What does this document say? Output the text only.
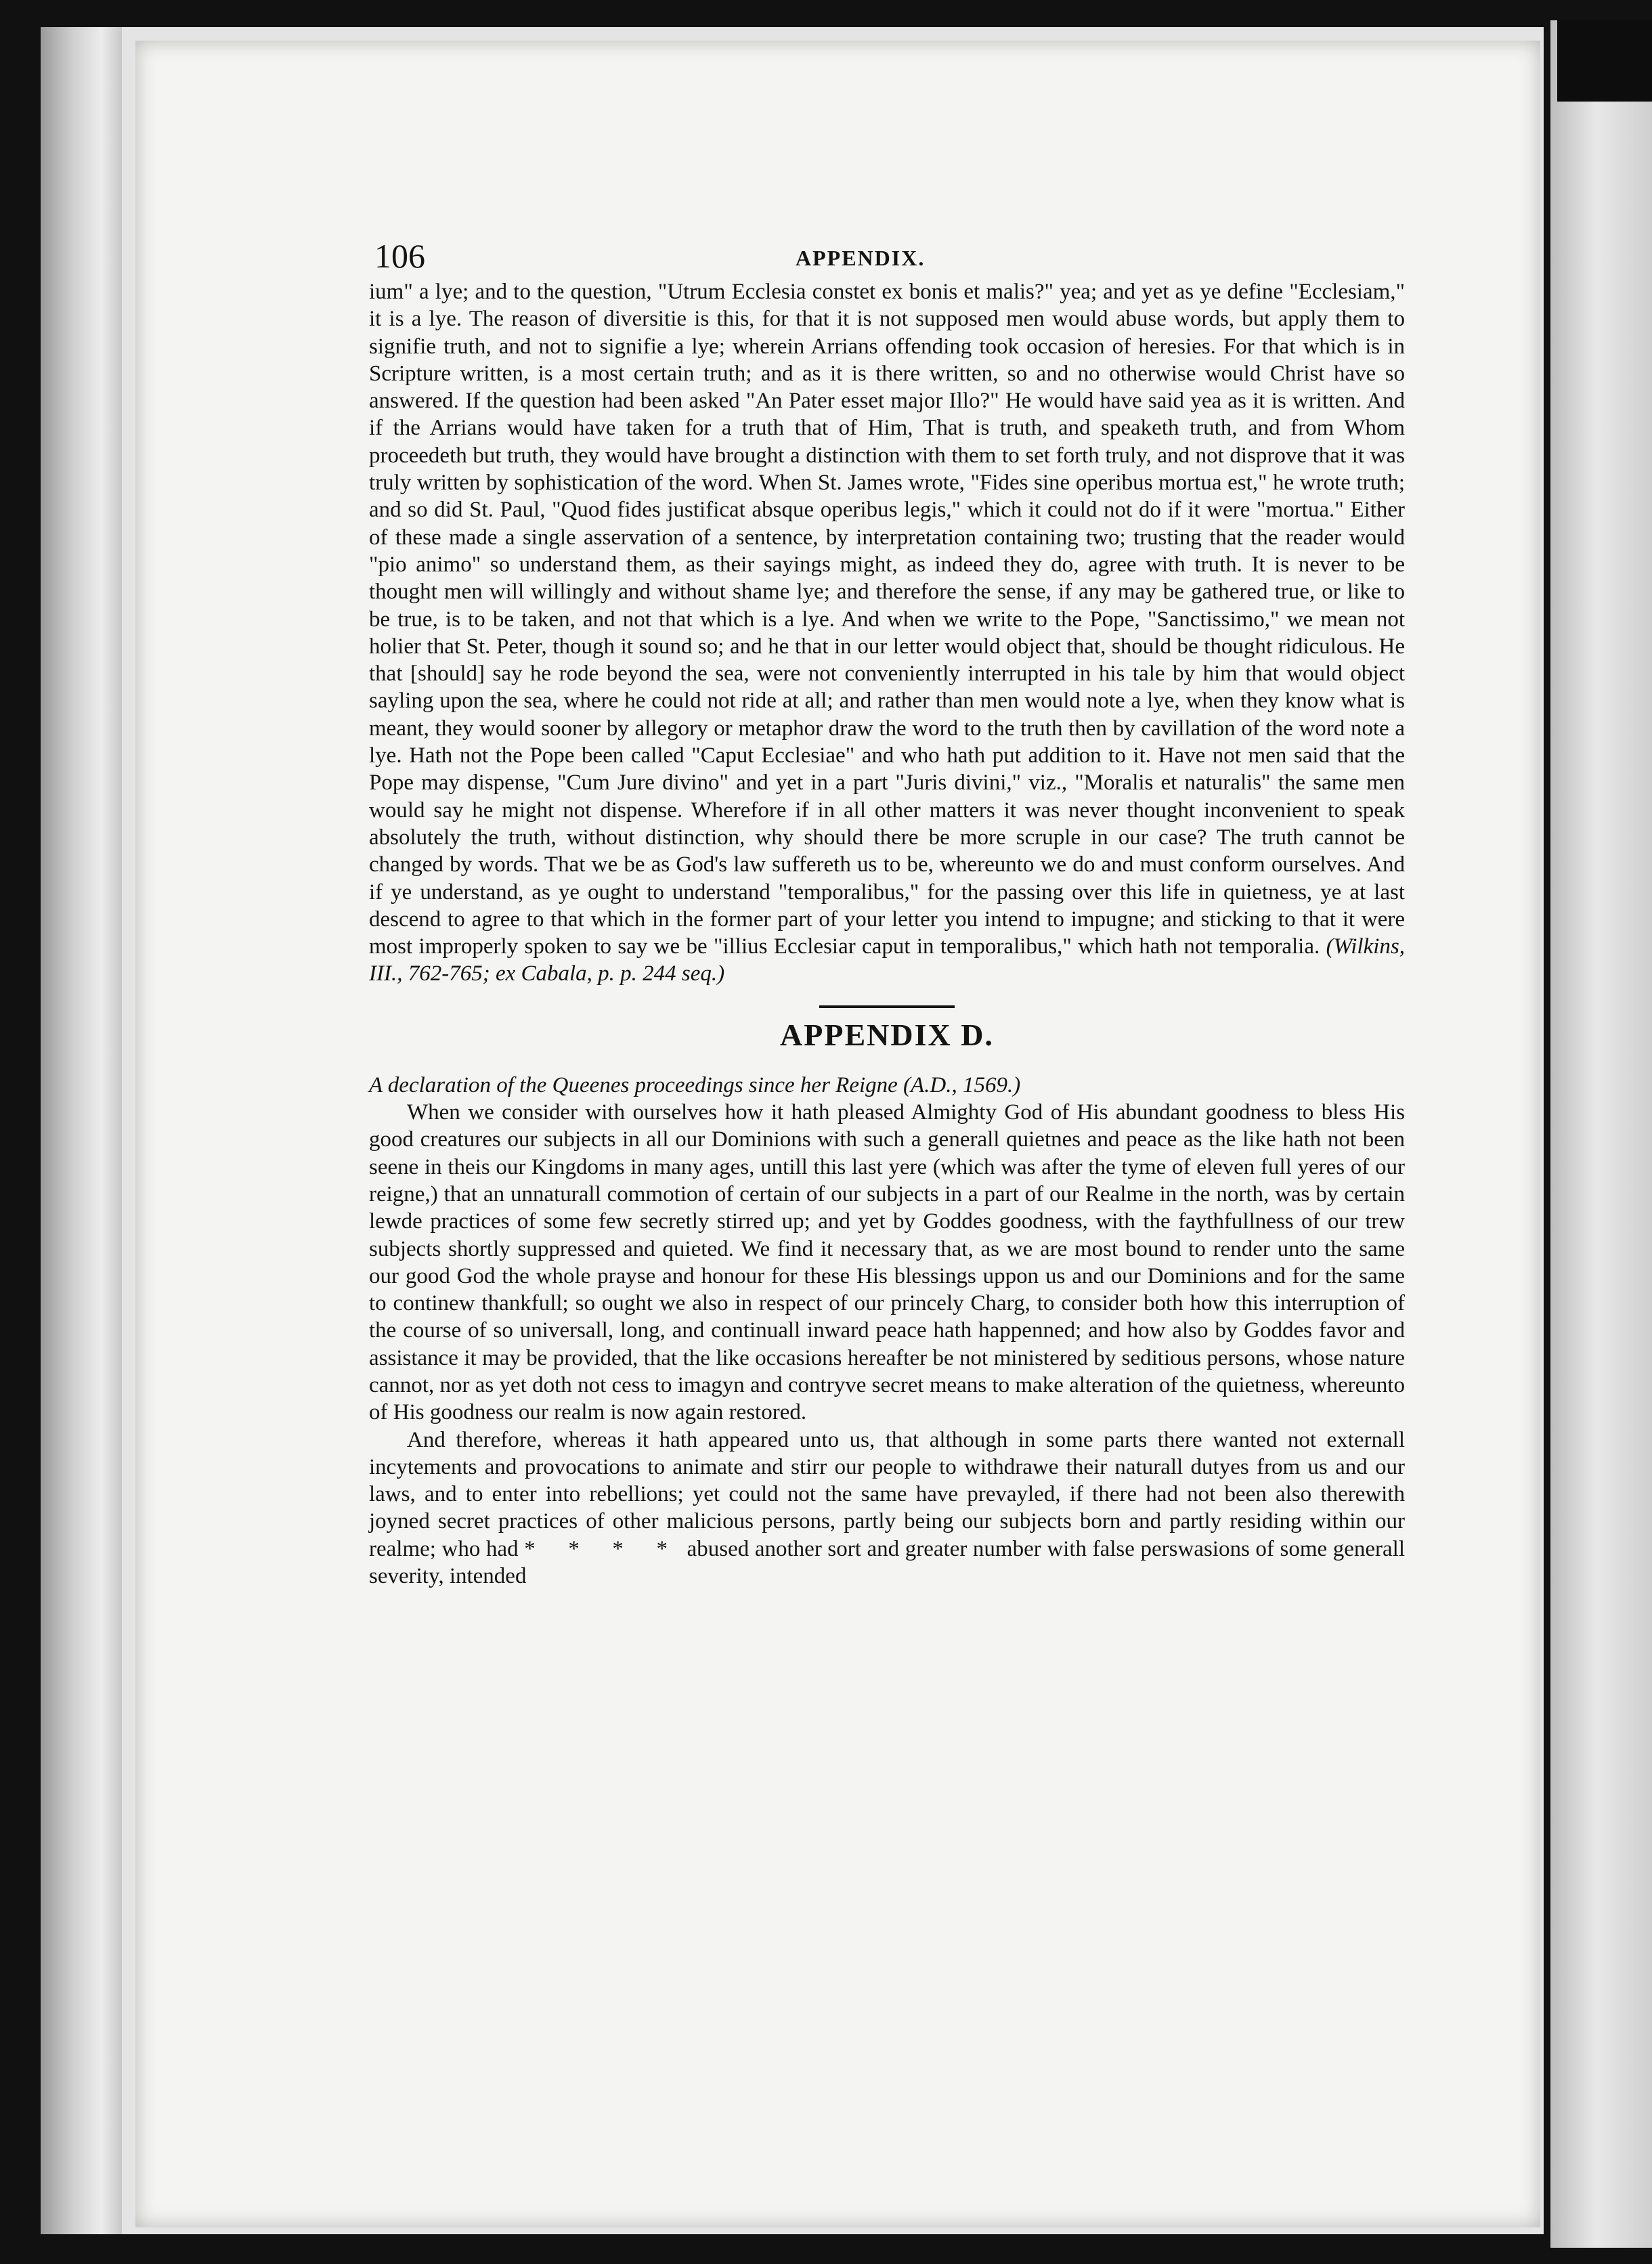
106	APPENDIX.

ium" a lye; and to the question, "Utrum Ecclesia constet ex bonis et malis?" yea; and yet as ye define "Ecclesiam," it is a lye. The reason of diversitie is this, for that it is not supposed men would abuse words, but apply them to signifie truth, and not to signifie a lye; wherein Arrians offending took occasion of heresies. For that which is in Scripture written, is a most certain truth; and as it is there written, so and no otherwise would Christ have so answered. If the question had been asked "An Pater esset major Illo?" He would have said yea as it is written. And if the Arrians would have taken for a truth that of Him, That is truth, and speaketh truth, and from Whom proceedeth but truth, they would have brought a distinction with them to set forth truly, and not disprove that it was truly written by sophistication of the word. When St. James wrote, "Fides sine operibus mortua est," he wrote truth; and so did St. Paul, "Quod fides justificat absque operibus legis," which it could not do if it were "mortua." Either of these made a single asservation of a sentence, by interpretation containing two; trusting that the reader would "pio animo" so understand them, as their sayings might, as indeed they do, agree with truth. It is never to be thought men will willingly and without shame lye; and therefore the sense, if any may be gathered true, or like to be true, is to be taken, and not that which is a lye. And when we write to the Pope, "Sanctissimo," we mean not holier that St. Peter, though it sound so; and he that in our letter would object that, should be thought ridiculous. He that [should] say he rode beyond the sea, were not conveniently interrupted in his tale by him that would object sayling upon the sea, where he could not ride at all; and rather than men would note a lye, when they know what is meant, they would sooner by allegory or metaphor draw the word to the truth then by cavillation of the word note a lye. Hath not the Pope been called "Caput Ecclesiae" and who hath put addition to it. Have not men said that the Pope may dispense, "Cum Jure divino" and yet in a part "Juris divini," viz., "Moralis et naturalis" the same men would say he might not dispense. Wherefore if in all other matters it was never thought inconvenient to speak absolutely the truth, without distinction, why should there be more scruple in our case? The truth cannot be changed by words. That we be as God's law suffereth us to be, whereunto we do and must conform ourselves. And if ye understand, as ye ought to understand "temporalibus," for the passing over this life in quietness, ye at last descend to agree to that which in the former part of your letter you intend to impugne; and sticking to that it were most improperly spoken to say we be "illius Ecclesiar caput in temporalibus," which hath not temporalia. (Wilkins, III., 762-765; ex Cabala, p. p. 244 seq.)

APPENDIX D.

A declaration of the Queenes proceedings since her Reigne (A.D., 1569.)

When we consider with ourselves how it hath pleased Almighty God of His abundant goodness to bless His good creatures our subjects in all our Dominions with such a generall quietnes and peace as the like hath not been seene in theis our Kingdoms in many ages, untill this last yere (which was after the tyme of eleven full yeres of our reigne,) that an unnaturall commotion of certain of our subjects in a part of our Realme in the north, was by certain lewde practices of some few secretly stirred up; and yet by Goddes goodness, with the faythfullness of our trew subjects shortly suppressed and quieted. We find it necessary that, as we are most bound to render unto the same our good God the whole prayse and honour for these His blessings uppon us and our Dominions and for the same to continew thankfull; so ought we also in respect of our princely Charg, to consider both how this interruption of the course of so universall, long, and continuall inward peace hath happenned; and how also by Goddes favor and assistance it may be provided, that the like occasions hereafter be not ministered by seditious persons, whose nature cannot, nor as yet doth not cess to imagyn and contryve secret means to make alteration of the quietness, whereunto of His goodness our realm is now again restored.

And therefore, whereas it hath appeared unto us, that although in some parts there wanted not externall incytements and provocations to animate and stirr our people to withdrawe their naturall dutyes from us and our laws, and to enter into rebellions; yet could not the same have prevayled, if there had not been also therewith joyned secret practices of other malicious persons, partly being our subjects born and partly residing within our realme; who had * * * * abused another sort and greater number with false perswasions of some generall severity, intended
